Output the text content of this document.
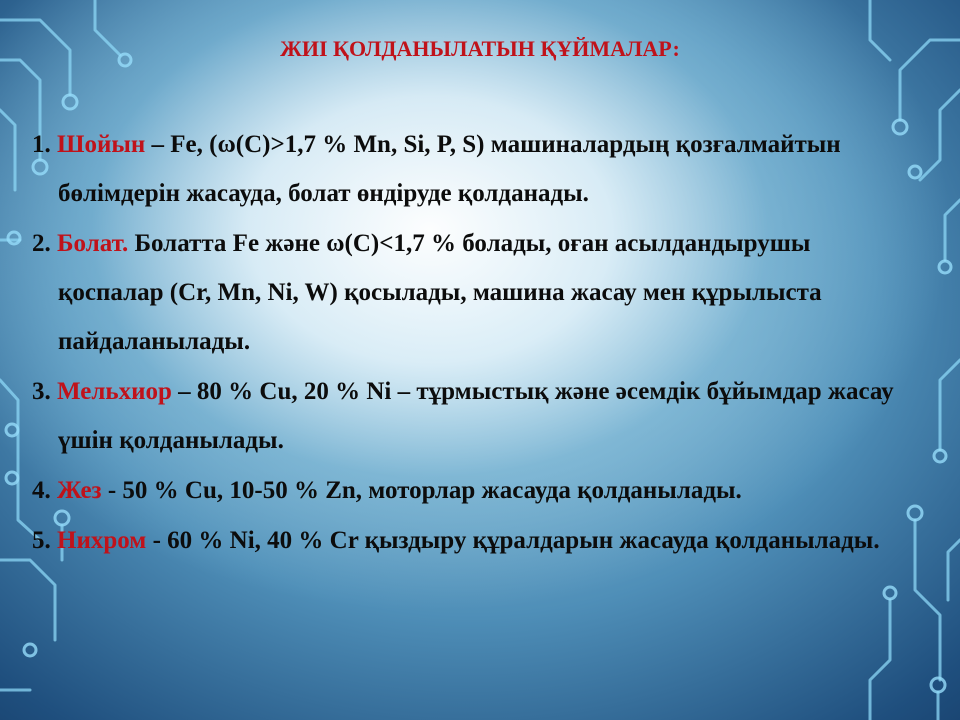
ЖИІ ҚОЛДАНЫЛАТЫН ҚҰЙМАЛАР:
1. Шойын – Fe, (ω(C)>1,7 % Mn, Si, P, S) машиналардың қозғалмайтын бөлімдерін жасауда, болат өндіруде қолданады.
2. Болат. Болатта Fe және ω(C)<1,7 % болады, оған асылдандырушы қоспалар (Cr, Mn, Ni, W) қосылады, машина жасау мен құрылыста пайдаланылады.
3. Мельхиор – 80 % Cu, 20 % Ni – тұрмыстық және әсемдік бұйымдар жасау үшін қолданылады.
4. Жез - 50 % Cu, 10-50 % Zn, моторлар жасауда қолданылады.
5. Нихром - 60 % Ni, 40 % Cr қыздыру құралдарын жасауда қолданылады.
